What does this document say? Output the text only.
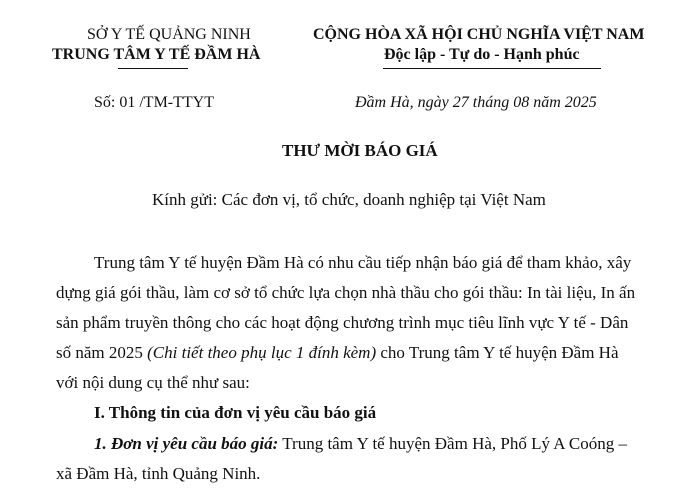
SỞ Y TẾ QUẢNG NINH
TRUNG TÂM Y TẾ ĐẦM HÀ
CỘNG HÒA XÃ HỘI CHỦ NGHĨA VIỆT NAM
Độc lập - Tự do - Hạnh phúc
Số: 01 /TM-TTYT	Đầm Hà, ngày 27 tháng 08 năm 2025
THƯ MỜI BÁO GIÁ
Kính gửi: Các đơn vị, tổ chức, doanh nghiệp tại Việt Nam
Trung tâm Y tế huyện Đầm Hà có nhu cầu tiếp nhận báo giá để tham khảo, xây
dựng giá gói thầu, làm cơ sở tổ chức lựa chọn nhà thầu cho gói thầu: In tài liệu, In ấn
sản phẩm truyền thông cho các hoạt động chương trình mục tiêu lĩnh vực Y tế - Dân
số năm 2025 (Chi tiết theo phụ lục 1 đính kèm) cho Trung tâm Y tế huyện Đầm Hà
với nội dung cụ thể như sau:
I. Thông tin của đơn vị yêu cầu báo giá
1. Đơn vị yêu cầu báo giá: Trung tâm Y tế huyện Đầm Hà, Phố Lý A Coóng –
xã Đầm Hà, tỉnh Quảng Ninh.
